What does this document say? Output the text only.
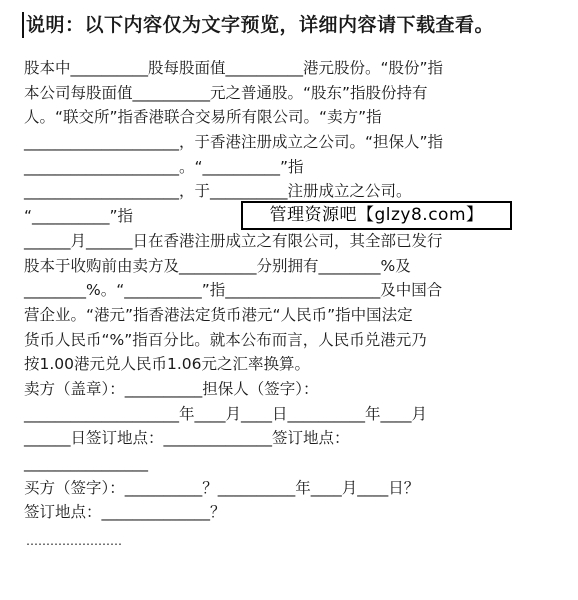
说明：以下内容仅为文字预览，详细内容请下载查看。
股本中__________股每股面值__________港元股份。“股份”指
本公司每股面值__________元之普通股。“股东”指股份持有
人。“联交所”指香港联合交易所有限公司。“卖方”指
____________________，于香港注册成立之公司。“担保人”指
____________________。“__________”指
____________________，于__________注册成立之公司。
“__________”指
______月______日在香港注册成立之有限公司，其全部已发行
股本于收购前由卖方及__________分别拥有________%及
________%。“__________”指____________________及中国合
营企业。“港元”指香港法定货币港元“人民币”指中国法定
货币人民币“%”指百分比。就本公布而言，人民币兑港元乃
按1.00港元兑人民币1.06元之汇率换算。
卖方（盖章）：__________担保人（签字）：
____________________年____月____日__________年____月
______日签订地点：______________签订地点：
________________
买方（签字）：__________？__________年____月____日？
签订地点：______________？
……………………
管理资源吧【glzy8.com】
